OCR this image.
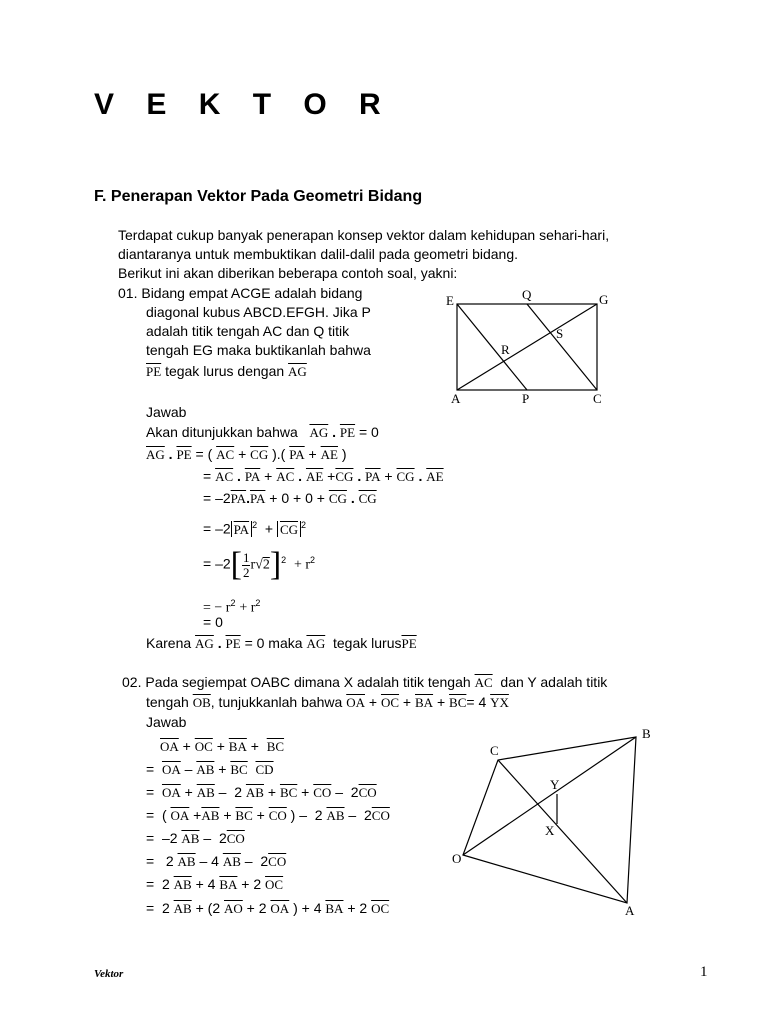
V E K T O R
F. Penerapan Vektor Pada Geometri Bidang
Terdapat cukup banyak penerapan konsep vektor dalam kehidupan sehari-hari,
diantaranya untuk membuktikan dalil-dalil pada geometri bidang.
Berikut ini akan diberikan beberapa contoh soal, yakni:
01. Bidang empat ACGE adalah bidang
diagonal kubus ABCD.EFGH. Jika P
adalah titik tengah AC dan Q titik
tengah EG maka buktikanlah bahwa
$\overline{PE}$ tegak lurus dengan $\overline{AG}$
E	Q	G
S
R
A	P	C
Jawab
Akan ditunjukkan bahwa $\overline{AG}$ . $\overline{PE} = 0$
$\overline{AG}$ . $\overline{PE}$ = ( $\overline{AC} + \overline{CG}$ ).( $\overline{PA} + \overline{AE}$ )
= $\overline{AC}$ . $\overline{PA} + \overline{AC}$ . $\overline{AE} +\overline{CG}$ . $\overline{PA} + \overline{CG}$ . $\overline{AE}$
= $-2\overline{PA}.\overline{PA} + 0 + 0 + \overline{CG}$ . $\overline{CG}$
= –2 $\overline{PA}$ $^2 + \overline{CG}$ $^2$
= $-2[ \frac{1}{2} r√2]^2 + r^2$
= − $r^2 + r^2$
= 0
Karena $\overline{AG}$ . $\overline{PE} = 0$ maka $\overline{AG}$ tegak $lurus\overline{PE}$
02. Pada segiempat OABC dimana X adalah titik tengah $\overline{AC}$ dan Y adalah titik
tengah $\overline{OB}$, tunjukkanlah bahwa $\overline{OA} + \overline{OC} + \overline{BA} + \overline{BC}= 4$ $\overline{YX}$
Jawab
$\overline{OA} + \overline{OC} + \overline{BA} + \overline{BC}$
=  $\overline{OA} - \overline{AB} + \overline{BC}$ $\overline{CD}$
=  $\overline{OA} + \overline{AB} - 2$ $\overline{AB} + \overline{BC} + \overline{CO} - 2\overline{CO}$
=  ( $\overline{OA} +\overline{AB} + \overline{BC} + \overline{CO}$ ) –  2 $\overline{AB} - 2\overline{CO}$
=  –2 $\overline{AB} - 2\overline{CO}$
=   2 $\overline{AB} - 4$ $\overline{AB} - 2\overline{CO}$
=  2 $\overline{AB} + 4$ $\overline{BA} + 2$ $\overline{OC}$
=  2 $\overline{AB} + (2$ $\overline{AO} + 2$ $\overline{OA}$ ) + 4 $\overline{BA} + 2$ $\overline{OC}$
B
C
Y
X
O
A
Vektor	1
